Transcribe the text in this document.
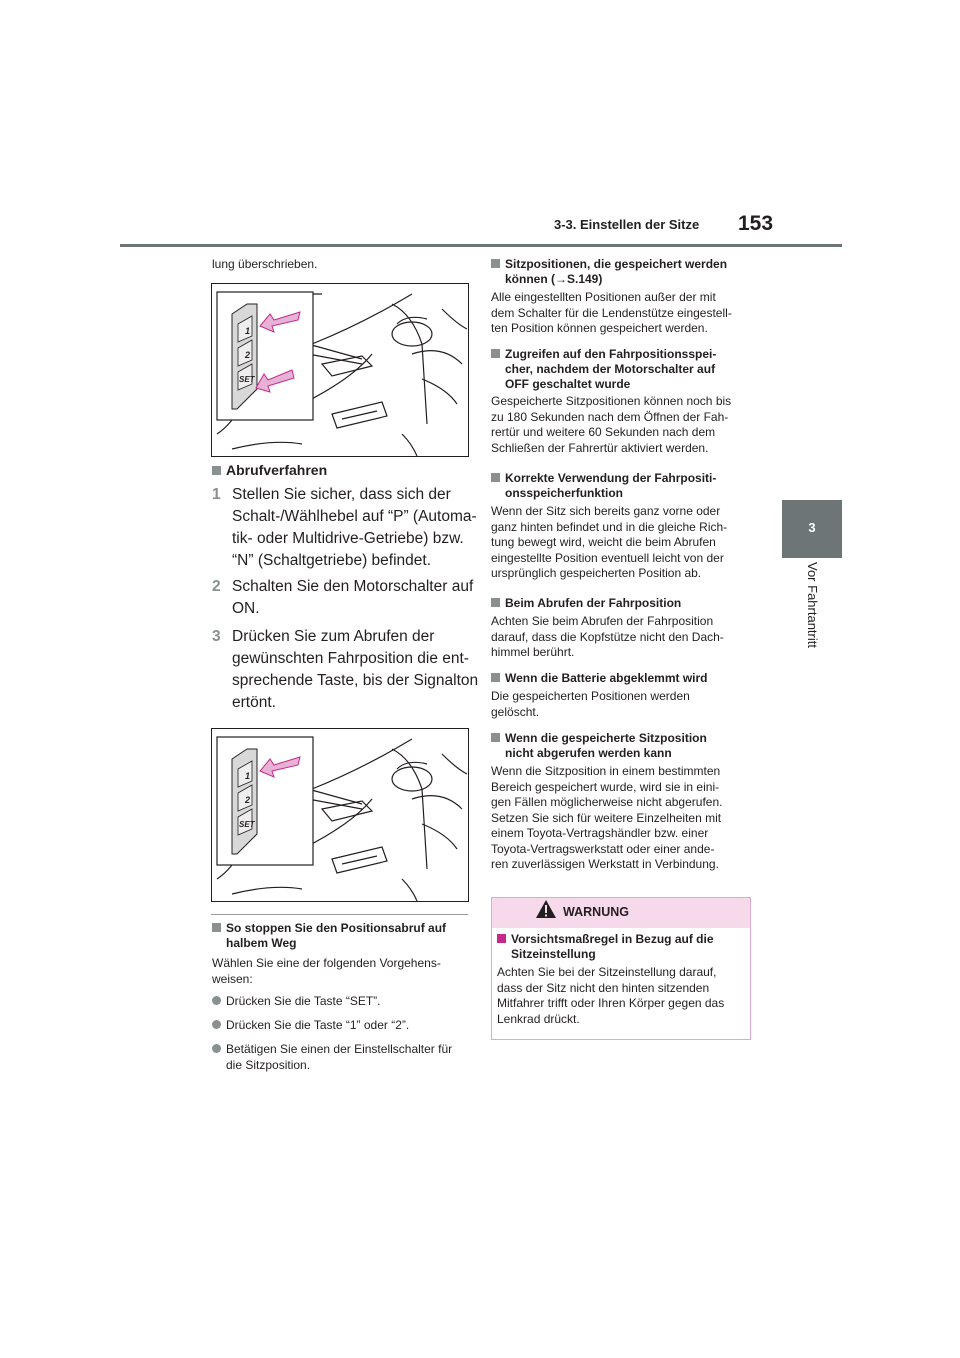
3-3. Einstellen der Sitze 153
3
Vor Fahrtantritt
lung überschrieben.
1
2
SET
Abrufverfahren
1 Stellen Sie sicher, dass sich der
Schalt-/Wählhebel auf “P” (Automa-
tik- oder Multidrive-Getriebe) bzw.
“N” (Schaltgetriebe) befindet.
2 Schalten Sie den Motorschalter auf
ON.
3 Drücken Sie zum Abrufen der
gewünschten Fahrposition die ent-
sprechende Taste, bis der Signalton
ertönt.
1
2
SET
So stoppen Sie den Positionsabruf auf
halbem Weg
Wählen Sie eine der folgenden Vorgehens-
weisen:
Drücken Sie die Taste “SET”.
Drücken Sie die Taste “1” oder “2”.
Betätigen Sie einen der Einstellschalter für
die Sitzposition.
Sitzpositionen, die gespeichert werden
können (→S.149)
Alle eingestellten Positionen außer der mit
dem Schalter für die Lendenstütze eingestell-
ten Position können gespeichert werden.
Zugreifen auf den Fahrpositionsspei-
cher, nachdem der Motorschalter auf
OFF geschaltet wurde
Gespeicherte Sitzpositionen können noch bis
zu 180 Sekunden nach dem Öffnen der Fah-
rertür und weitere 60 Sekunden nach dem
Schließen der Fahrertür aktiviert werden.
Korrekte Verwendung der Fahrpositi-
onsspeicherfunktion
Wenn der Sitz sich bereits ganz vorne oder
ganz hinten befindet und in die gleiche Rich-
tung bewegt wird, weicht die beim Abrufen
eingestellte Position eventuell leicht von der
ursprünglich gespeicherten Position ab.
Beim Abrufen der Fahrposition
Achten Sie beim Abrufen der Fahrposition
darauf, dass die Kopfstütze nicht den Dach-
himmel berührt.
Wenn die Batterie abgeklemmt wird
Die gespeicherten Positionen werden
gelöscht.
Wenn die gespeicherte Sitzposition
nicht abgerufen werden kann
Wenn die Sitzposition in einem bestimmten
Bereich gespeichert wurde, wird sie in eini-
gen Fällen möglicherweise nicht abgerufen.
Setzen Sie sich für weitere Einzelheiten mit
einem Toyota-Vertragshändler bzw. einer
Toyota-Vertragswerkstatt oder einer ande-
ren zuverlässigen Werkstatt in Verbindung.
WARNUNG
Vorsichtsmaßregel in Bezug auf die
Sitzeinstellung
Achten Sie bei der Sitzeinstellung darauf,
dass der Sitz nicht den hinten sitzenden
Mitfahrer trifft oder Ihren Körper gegen das
Lenkrad drückt.
